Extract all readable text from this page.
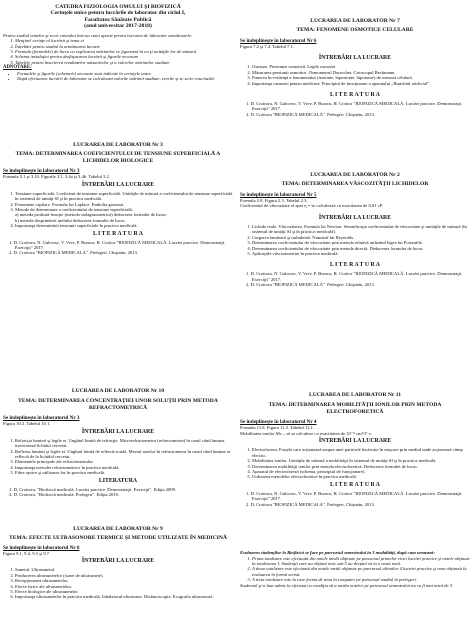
CATEDRA FIZIOLOGIA OMULUI ŞI BIOFIZICĂ
Cerinţele unice pentru lucrările de laborator din ciclul I,
Facultatea Sănătate Publică
(anul universitar 2017-2018)
Pentru studiul temelor şi scrie caietului într-un caiet aparte pentru lucrarea de laborator următoarele:
1. Menţinel cerinţe al lucrării şi tema ei
2. Întrebări pentru studiul la următoarea lucrare
3. Formula (formulele) de lucru cu explicarea mărimilor ce figurează în ea şi unităţile lor de măsură
4. Schema instalaţiei pentru desfăşurarea lucrării şi figurile necesare
5. Tabelele pentru înscrierea rezultatelor măsurărilor şi a valorilor mărimilor studiate
ADNOTARE:
• Formulele şi figurile (schemele) necesare sunt indicate în cerinţele unice
• După efectuarea lucrării de laborator se calculează valorile mărimii studiate, erorile şi se scrie concluziile
LUCRAREA DE LABORATOR Nr 3
TEMA: DETERMINAREA COEFICIENTULUI DE TENSIUNE SUPERFICIALĂ A LICHIDELOR BIOLOGICE
Se îndeplineşte în laboratorul Nr 3
Formula 3.1 şi 3.10. Figurile 3.1, 3.4a şi 3.4b. Tabelul 3.2.
ÎNTREBĂRI LA LUCRARE
1. Tensiune superficială. Coeficient de tensiune superficială. Unităţile de măsură a coeficientului de tensiune superficială în sistemul de unităţi SI şi în practica medicală.
2. Fenomene capilare. Formula lui Laplace. Embolia gazoasă.
3. Metode de determinare a coeficientului de tensiune superficială:
a) metoda picătură-funcţie (metoda stalagmometrică) deducerea formulei de lucru;
b) metoda desprinderii inelului deducerea formulei de lucru.
4. Importanţa determinării tensiunii superficiale în practica medicală.
L I T E R A T U R A
1. D. Croitoru, N. Gubceac, V. Vrev, P. Buracu, R. Croitor "BIOFIZICĂ MEDICALĂ. Lucrări practice. Demonstraţii. Exerciţii" 2017.
2. D. Croitoru "BIOFIZICĂ MEDICALĂ". Prelegeri. Chişinău, 2013.
LUCRAREA DE LABORATOR Nr 10
TEMA: DETERMINAREA CONCENTRAŢIEI UNOR SOLUŢII PRIN METODA REFRACTOMETRICĂ
Se îndeplineşte în laboratorul Nr 3
Figura 10.3. Tabelul 10.1.
ÎNTREBĂRI LA LUCRARE
1. Refracţia luminii şi legile ei. Unghiul limită de refracţie. Microrefractometru (refractometru) în cazul când lumina traversează lichidul cercetat.
2. Reflexia luminii şi legile ei. Unghiul limită de reflexie totală. Mersul razelor în refractometru în cazul când lumina se reflectă de la lichidul cercetat.
3. Elementele principale ale refractometrului.
4. Importanţa metodei refractometrice în practica medicală.
5. Fibre optice şi utilizarea lor în practica medicală.
LITERATURA
1. D. Croitoru, "Biofizică medicală. Lucrări practice. Demonstraţii. Exerciţii". Ediţia 2009.
2. D. Croitoru, "Biofizică medicală. Prelegeri". Ediţia 2010.
LUCRAREA DE LABORATOR Nr 9
TEMA: EFECTE ULTRASONORE TERMICE ŞI METODE UTILIZATE ÎN MEDICINĂ
Se îndeplineşte în laboratorul Nr 6
Figura 9.1, 9.4, 9.5 şi 9.7
ÎNTREBĂRI LA LUCRARE
1. Sunetul. Ultrasunetul.
2. Producerea ultrasunetelor (surse de ultrasunete).
3. Recepţionarea ultrasunetelor.
4. Efecte fizice ale ultrasunetelor.
5. Efecte biologice ale ultrasunetelor.
6. Importanţa ultrasunetelor în practica medicală. Inhalatorul ultrasonor. Diafanoscopia. Ecografia ultrasonoră.
LUCRAREA DE LABORATOR Nr 7
TEMA: FENOMENE OSMOTICE CELULARE
Se îndeplineşte în laboratorul Nr 6
Figura 7.2 şi 7.4. Tabelul 7.1.
ÎNTREBĂRI LA LUCRARE
1. Osmoza. Presiunea osmotică. Legile osmozei.
2. Măsurarea presiunii osmotice. Osmometrul Dutrochet. Crioscopul Beckmann.
3. Punerea în evidenţă a fenomenului (izotonie, hipertonie, hipotonie) de osmoză celulară.
4. Importanţa osmozei pentru medicină. Principiul de funcţionare a aparatului „Rinichiul artificial”.
L I T E R A T U R A
1. D. Croitoru, N. Gubceac, V. Vrev, P. Buracu, R. Croitor "BIOFIZICĂ MEDICALĂ. Lucrări practice. Demonstraţii. Exerciţii" 2017.
2. D. Croitoru "BIOFIZICĂ MEDICALĂ". Prelegeri. Chişinău, 2013.
LUCRAREA DE LABORATOR Nr 2
TEMA: DETERMINAREA VÂSCOZITĂŢII LICHIDELOR
Se îndeplineşte în laboratorul Nr 5
Formula 2.8, Figura 2.3. Tabelul 2.3.
Coeficientul de vâscozitate al apei η = se calculează cu exactitatea de 0,01 cP.
ÎNTREBĂRI LA LUCRARE
1. Lichide reale. Vâscozitatea. Formula lui Newton. Semnificaţia coeficientului de vâscozitate şi unităţile de măsură (în sistemul de unităţi SI şi în practica medicală).
2. Curgerea laminară şi turbulentă. Numărul lui Reynolds.
3. Determinarea coeficientului de vâscozitate prin metoda relativă utilizând legea lui Poiseuille.
4. Determinarea coeficientului de vâscozitate prin metoda directă. Deducerea formulei de lucru.
5. Aplicaţiile vâscozimetriei în practica medicală.
L I T E R A T U R A
1. D. Croitoru, N. Gubceac, V. Vrev, P. Buracu, R. Croitor "BIOFIZICĂ MEDICALĂ. Lucrări practice. Demonstraţii. Exerciţii" 2017.
2. D. Croitoru "BIOFIZICĂ MEDICALĂ". Prelegeri. Chişinău, 2013.
LUCRAREA DE LABORATOR Nr 11
TEMA: DETERMINAREA MOBILITĂŢII IONILOR PRIN METODA ELECTROFORETICĂ
Se îndeplineşte în laboratorul Nr 4
Formula 11.8. Figura 11.3. Tabelul 11.1.
Mobilitatea ionilor Mₙ – să se calculeze cu exactitatea de 10⁻⁸ cm²/V·s.
ÎNTREBĂRI LA LUCRARE
1. Electroforeza. Forţele care acţionează asupra unei particule încărcate în mişcare prin mediul unde acţionează câmp electric.
2. Mobilitatea ionilor. Unităţile de măsură a mobilităţii în sistemul de unităţi SI şi în practica medicală.
3. Determinarea mobilităţii ionilor prin metoda electroforetică. Deducerea formulei de lucru.
4. Aparatul de electroforeză (schema, principiul de funcţionare).
5. Utilizarea metodelor electroforetice în practica medicală.
L I T E R A T U R A
1. D. Croitoru, N. Gubceac, V. Vrev, P. Buracu, R. Croitor "BIOFIZICĂ MEDICALĂ. Lucrări practice. Demonstraţii. Exerciţii" 2017.
2. D. Croitoru "BIOFIZICĂ MEDICALĂ". Prelegeri. Chişinău, 2013.
Evaluarea studenţilor la Biofizică se face pe parcursul semestrului în 3 modalităţi, după cum urmează:
1. Prima totalizare este efectuată din notele medii obţinute pe parcursul primelor cinci lucrări practice şi notele obţinute la totalizarea I. Studenţii care au obţinut note sub 5 au dreptul să ia o nouă notă.
2. A doua totalizare este efectuată din notele medii obţinute pe parcursul ultimilor 4 lucrări practice şi nota obţinută la evaluarea în formă scrisă.
3. A treia totalizare este la care forma de nota în computer pe parcursul studiul la prelegeri.
Studentul şi-a luat admis la efectuat cu condiţia să a media notelor pe parcursul semestrului nu va fi mai mică de 5.
